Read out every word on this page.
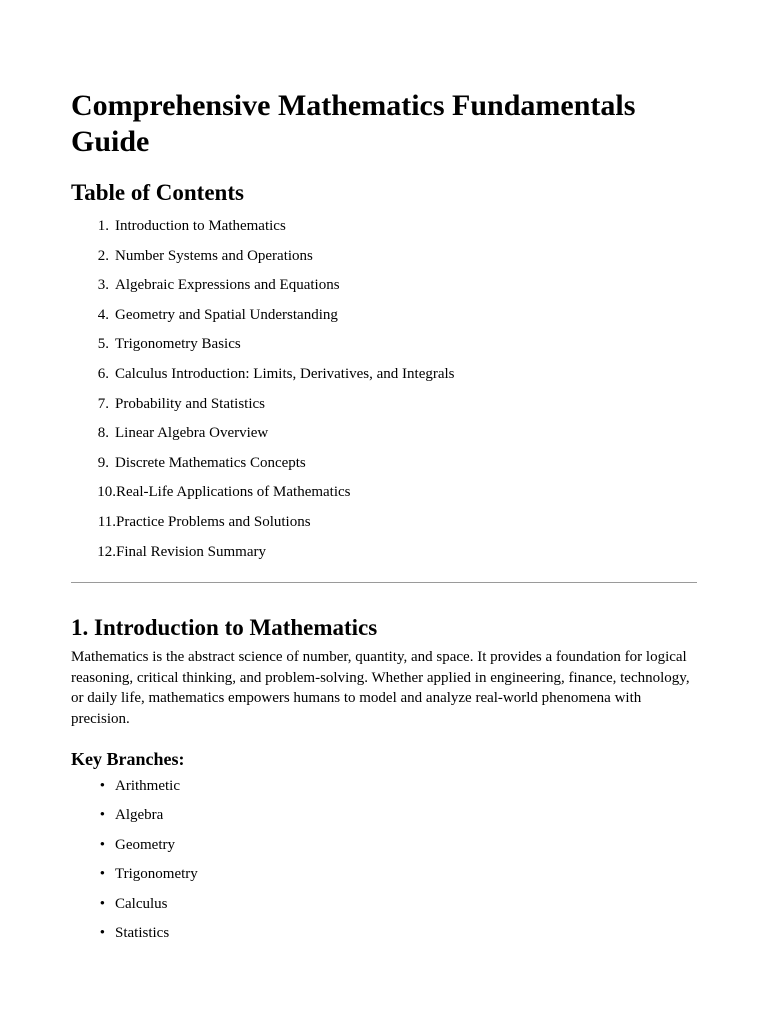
Comprehensive Mathematics Fundamentals Guide
Table of Contents
1. Introduction to Mathematics
2. Number Systems and Operations
3. Algebraic Expressions and Equations
4. Geometry and Spatial Understanding
5. Trigonometry Basics
6. Calculus Introduction: Limits, Derivatives, and Integrals
7. Probability and Statistics
8. Linear Algebra Overview
9. Discrete Mathematics Concepts
10. Real-Life Applications of Mathematics
11. Practice Problems and Solutions
12. Final Revision Summary
1. Introduction to Mathematics

Mathematics is the abstract science of number, quantity, and space. It provides a foundation for logical reasoning, critical thinking, and problem-solving. Whether applied in engineering, finance, technology, or daily life, mathematics empowers humans to model and analyze real-world phenomena with precision.

Key Branches:
• Arithmetic
• Algebra
• Geometry
• Trigonometry
• Calculus
• Statistics
